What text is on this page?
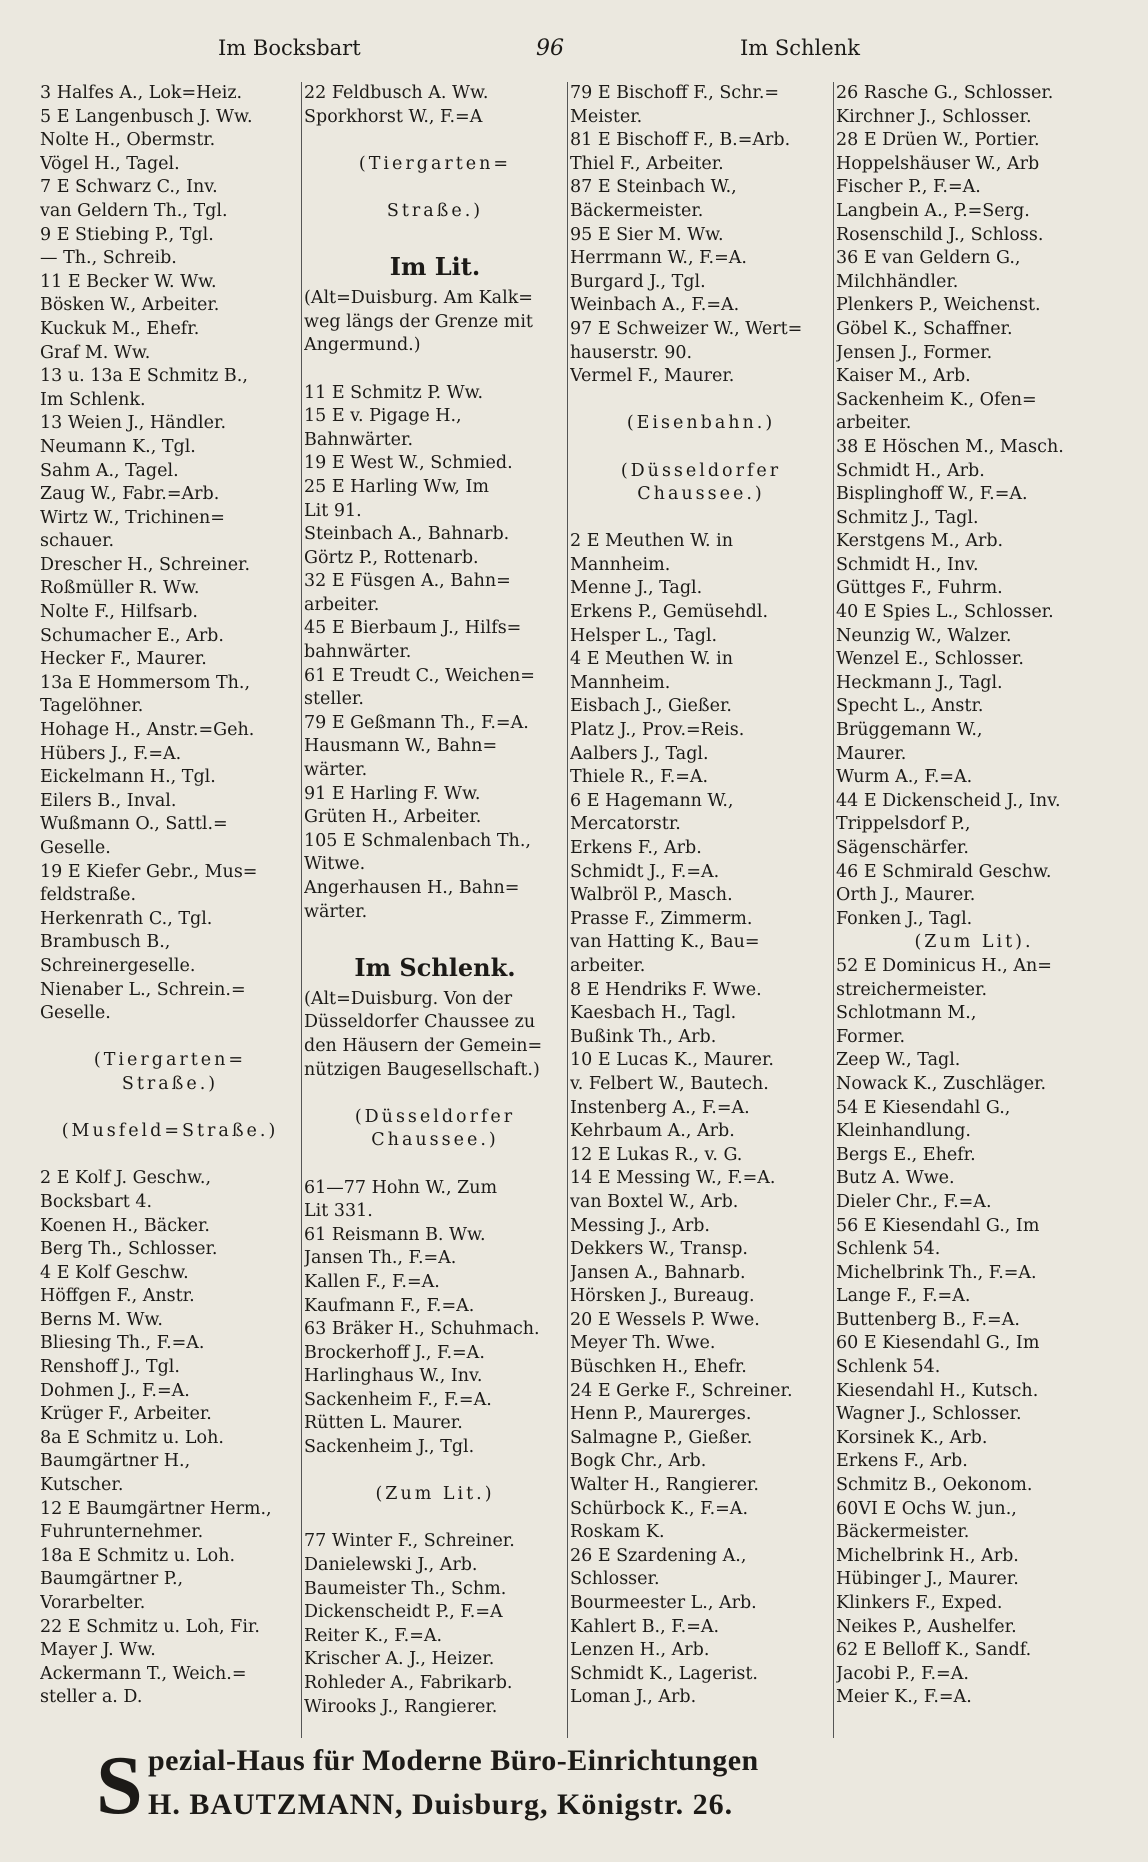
Im Bocksbart	96	Im Schlenk
3 Halfes A., Lok=Heiz.
5 E Langenbusch J. Ww.
Nolte H., Obermstr.
Vögel H., Tagel.
7 E Schwarz C., Inv.
van Geldern Th., Tgl.
9 E Stiebing P., Tgl.
— Th., Schreib.
11 E Becker W. Ww.
Bösken W., Arbeiter.
Kuckuk M., Ehefr.
Graf M. Ww.
13 u. 13a E Schmitz B.,
Im Schlenk.
13 Weien J., Händler.
Neumann K., Tgl.
Sahm A., Tagel.
Zaug W., Fabr.=Arb.
Wirtz W., Trichinen=
schauer.
Drescher H., Schreiner.
Roßmüller R. Ww.
Nolte F., Hilfsarb.
Schumacher E., Arb.
Hecker F., Maurer.
13a E Hommersom Th.,
Tagelöhner.
Hohage H., Anstr.=Geh.
Hübers J., F.=A.
Eickelmann H., Tgl.
Eilers B., Inval.
Wußmann O., Sattl.=
Geselle.
19 E Kiefer Gebr., Mus=
feldstraße.
Herkenrath C., Tgl.
Brambusch B.,
Schreinergeselle.
Nienaber L., Schrein.=
Geselle.
(Tiergarten=
Straße.)
(Musfeld=Straße.)
2 E Kolf J. Geschw.,
Bocksbart 4.
Koenen H., Bäcker.
Berg Th., Schlosser.
4 E Kolf Geschw.
Höffgen F., Anstr.
Berns M. Ww.
Bliesing Th., F.=A.
Renshoff J., Tgl.
Dohmen J., F.=A.
Krüger F., Arbeiter.
8a E Schmitz u. Loh.
Baumgärtner H.,
Kutscher.
12 E Baumgärtner Herm.,
Fuhrunternehmer.
18a E Schmitz u. Loh.
Baumgärtner P.,
Vorarbelter.
22 E Schmitz u. Loh, Fir.
Mayer J. Ww.
Ackermann T., Weich.=
steller a. D.
22 Feldbusch A. Ww.
Sporkhorst W., F.=A
(Tiergarten=
Straße.)
Im Lit.
(Alt=Duisburg. Am Kalk=
weg längs der Grenze mit
Angermund.)
11 E Schmitz P. Ww.
15 E v. Pigage H.,
Bahnwärter.
19 E West W., Schmied.
25 E Harling Ww, Im
Lit 91.
Steinbach A., Bahnarb.
Görtz P., Rottenarb.
32 E Füsgen A., Bahn=
arbeiter.
45 E Bierbaum J., Hilfs=
bahnwärter.
61 E Treudt C., Weichen=
steller.
79 E Geßmann Th., F.=A.
Hausmann W., Bahn=
wärter.
91 E Harling F. Ww.
Grüten H., Arbeiter.
105 E Schmalenbach Th.,
Witwe.
Angerhausen H., Bahn=
wärter.
Im Schlenk.
(Alt=Duisburg. Von der
Düsseldorfer Chaussee zu
den Häusern der Gemein=
nützigen Baugesellschaft.)
(Düsseldorfer
Chaussee.)
61—77 Hohn W., Zum
Lit 331.
61 Reismann B. Ww.
Jansen Th., F.=A.
Kallen F., F.=A.
Kaufmann F., F.=A.
63 Bräker H., Schuhmach.
Brockerhoff J., F.=A.
Harlinghaus W., Inv.
Sackenheim F., F.=A.
Rütten L. Maurer.
Sackenheim J., Tgl.
(Zum Lit.)
77 Winter F., Schreiner.
Danielewski J., Arb.
Baumeister Th., Schm.
Dickenscheidt P., F.=A
Reiter K., F.=A.
Krischer A. J., Heizer.
Rohleder A., Fabrikarb.
Wirooks J., Rangierer.
79 E Bischoff F., Schr.=
Meister.
81 E Bischoff F., B.=Arb.
Thiel F., Arbeiter.
87 E Steinbach W.,
Bäckermeister.
95 E Sier M. Ww.
Herrmann W., F.=A.
Burgard J., Tgl.
Weinbach A., F.=A.
97 E Schweizer W., Wert=
hauserstr. 90.
Vermel F., Maurer.
(Eisenbahn.)
(Düsseldorfer
Chaussee.)
2 E Meuthen W. in
Mannheim.
Menne J., Tagl.
Erkens P., Gemüsehdl.
Helsper L., Tagl.
4 E Meuthen W. in
Mannheim.
Eisbach J., Gießer.
Platz J., Prov.=Reis.
Aalbers J., Tagl.
Thiele R., F.=A.
6 E Hagemann W.,
Mercatorstr.
Erkens F., Arb.
Schmidt J., F.=A.
Walbröl P., Masch.
Prasse F., Zimmerm.
van Hatting K., Bau=
arbeiter.
8 E Hendriks F. Wwe.
Kaesbach H., Tagl.
Bußink Th., Arb.
10 E Lucas K., Maurer.
v. Felbert W., Bautech.
Instenberg A., F.=A.
Kehrbaum A., Arb.
12 E Lukas R., v. G.
14 E Messing W., F.=A.
van Boxtel W., Arb.
Messing J., Arb.
Dekkers W., Transp.
Jansen A., Bahnarb.
Hörsken J., Bureaug.
20 E Wessels P. Wwe.
Meyer Th. Wwe.
Büschken H., Ehefr.
24 E Gerke F., Schreiner.
Henn P., Maurerges.
Salmagne P., Gießer.
Bogk Chr., Arb.
Walter H., Rangierer.
Schürbock K., F.=A.
Roskam K.
26 E Szardening A.,
Schlosser.
Bourmeester L., Arb.
Kahlert B., F.=A.
Lenzen H., Arb.
Schmidt K., Lagerist.
Loman J., Arb.
26 Rasche G., Schlosser.
Kirchner J., Schlosser.
28 E Drüen W., Portier.
Hoppelshäuser W., Arb
Fischer P., F.=A.
Langbein A., P.=Serg.
Rosenschild J., Schloss.
36 E van Geldern G.,
Milchhändler.
Plenkers P., Weichenst.
Göbel K., Schaffner.
Jensen J., Former.
Kaiser M., Arb.
Sackenheim K., Ofen=
arbeiter.
38 E Höschen M., Masch.
Schmidt H., Arb.
Bisplinghoff W., F.=A.
Schmitz J., Tagl.
Kerstgens M., Arb.
Schmidt H., Inv.
Güttges F., Fuhrm.
40 E Spies L., Schlosser.
Neunzig W., Walzer.
Wenzel E., Schlosser.
Heckmann J., Tagl.
Specht L., Anstr.
Brüggemann W.,
Maurer.
Wurm A., F.=A.
44 E Dickenscheid J., Inv.
Trippelsdorf P.,
Sägenschärfer.
46 E Schmirald Geschw.
Orth J., Maurer.
Fonken J., Tagl.
(Zum Lit).
52 E Dominicus H., An=
streichermeister.
Schlotmann M.,
Former.
Zeep W., Tagl.
Nowack K., Zuschläger.
54 E Kiesendahl G.,
Kleinhandlung.
Bergs E., Ehefr.
Butz A. Wwe.
Dieler Chr., F.=A.
56 E Kiesendahl G., Im
Schlenk 54.
Michelbrink Th., F.=A.
Lange F., F.=A.
Buttenberg B., F.=A.
60 E Kiesendahl G., Im
Schlenk 54.
Kiesendahl H., Kutsch.
Wagner J., Schlosser.
Korsinek K., Arb.
Erkens F., Arb.
Schmitz B., Oekonom.
60VI E Ochs W. jun.,
Bäckermeister.
Michelbrink H., Arb.
Hübinger J., Maurer.
Klinkers F., Exped.
Neikes P., Aushelfer.
62 E Belloff K., Sandf.
Jacobi P., F.=A.
Meier K., F.=A.
S pezial-Haus für Moderne Büro-Einrichtungen
H. BAUTZMANN, Duisburg, Königstr. 26.
